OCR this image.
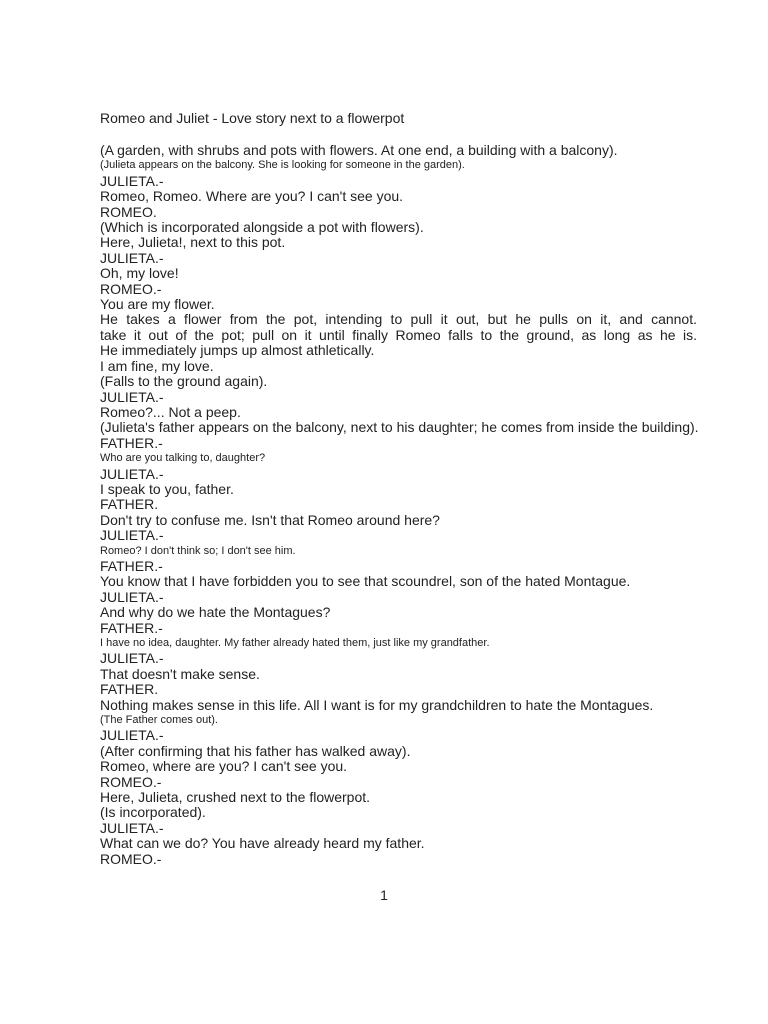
Romeo and Juliet - Love story next to a flowerpot
(A garden, with shrubs and pots with flowers. At one end, a building with a balcony).
(Julieta appears on the balcony. She is looking for someone in the garden).
JULIETA.-
Romeo, Romeo. Where are you? I can't see you.
ROMEO.
(Which is incorporated alongside a pot with flowers).
Here, Julieta!, next to this pot.
JULIETA.-
Oh, my love!
ROMEO.-
You are my flower.
He takes a flower from the pot, intending to pull it out, but he pulls on it, and cannot.
take it out of the pot; pull on it until finally Romeo falls to the ground, as long as he is.
He immediately jumps up almost athletically.
I am fine, my love.
(Falls to the ground again).
JULIETA.-
Romeo?... Not a peep.
(Julieta's father appears on the balcony, next to his daughter; he comes from inside the building).
FATHER.-
Who are you talking to, daughter?
JULIETA.-
I speak to you, father.
FATHER.
Don't try to confuse me. Isn't that Romeo around here?
JULIETA.-
Romeo? I don't think so; I don't see him.
FATHER.-
You know that I have forbidden you to see that scoundrel, son of the hated Montague.
JULIETA.-
And why do we hate the Montagues?
FATHER.-
I have no idea, daughter. My father already hated them, just like my grandfather.
JULIETA.-
That doesn't make sense.
FATHER.
Nothing makes sense in this life. All I want is for my grandchildren to hate the Montagues.
(The Father comes out).
JULIETA.-
(After confirming that his father has walked away).
Romeo, where are you? I can't see you.
ROMEO.-
Here, Julieta, crushed next to the flowerpot.
(Is incorporated).
JULIETA.-
What can we do? You have already heard my father.
ROMEO.-
1
